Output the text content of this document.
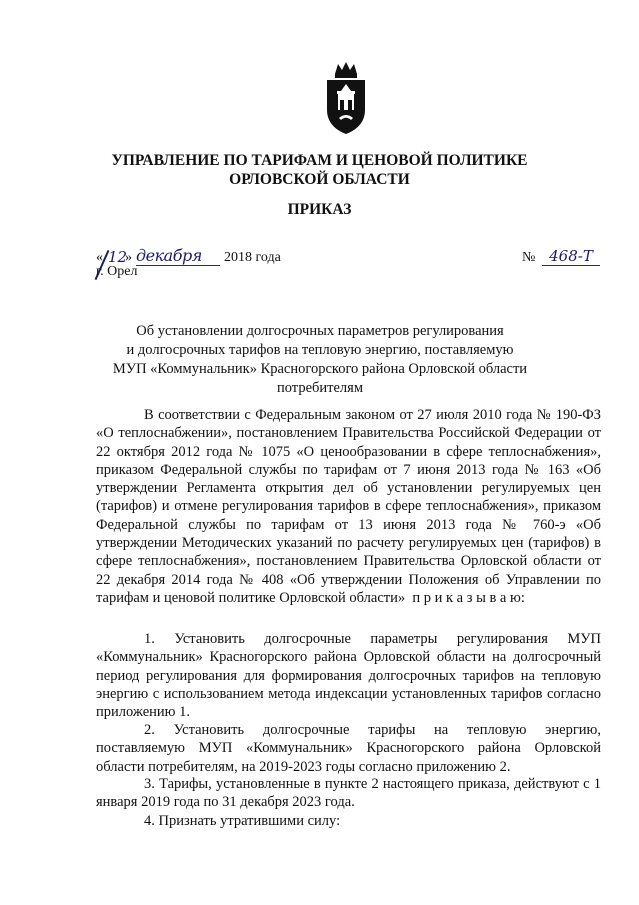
УПРАВЛЕНИЕ ПО ТАРИФАМ И ЦЕНОВОЙ ПОЛИТИКЕ
ОРЛОВСКОЙ ОБЛАСТИ
ПРИКАЗ
« 12
» декабря	2018 года
г. Орел
№ 468-Т
Об установлении долгосрочных параметров регулирования
и долгосрочных тарифов на тепловую энергию, поставляемую
МУП «Коммунальник» Красногорского района Орловской области
потребителям
В соответствии с Федеральным законом от 27 июля 2010 года № 190-ФЗ «О теплоснабжении», постановлением Правительства Российской Федерации от 22 октября 2012 года № 1075 «О ценообразовании в сфере теплоснабжения», приказом Федеральной службы по тарифам от 7 июня 2013 года № 163 «Об утверждении Регламента открытия дел об установлении регулируемых цен (тарифов) и отмене регулирования тарифов в сфере теплоснабжения», приказом Федеральной службы по тарифам от 13 июня 2013 года № 760-э «Об утверждении Методических указаний по расчету регулируемых цен (тарифов) в сфере теплоснабжения», постановлением Правительства Орловской области от 22 декабря 2014 года № 408 «Об утверждении Положения об Управлении по тарифам и ценовой политике Орловской области» п р и к а з ы в а ю:
1. Установить долгосрочные параметры регулирования МУП «Коммунальник» Красногорского района Орловской области на долгосрочный период регулирования для формирования долгосрочных тарифов на тепловую энергию с использованием метода индексации установленных тарифов согласно приложению 1.
2. Установить долгосрочные тарифы на тепловую энергию, поставляемую МУП «Коммунальник» Красногорского района Орловской области потребителям, на 2019-2023 годы согласно приложению 2.
3. Тарифы, установленные в пункте 2 настоящего приказа, действуют с 1 января 2019 года по 31 декабря 2023 года.
4. Признать утратившими силу:
